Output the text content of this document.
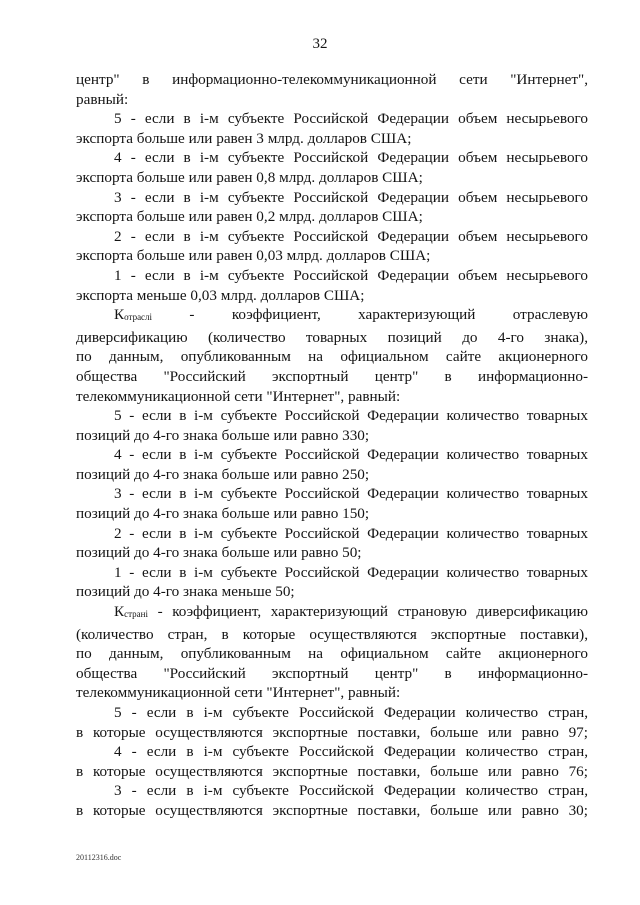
32

центр" в информационно-телекоммуникационной сети "Интернет",
равный:

5 - если в i-м субъекте Российской Федерации объем несырьевого
экспорта больше или равен 3 млрд. долларов США;

4 - если в i-м субъекте Российской Федерации объем несырьевого
экспорта больше или равен 0,8 млрд. долларов США;

3 - если в i-м субъекте Российской Федерации объем несырьевого
экспорта больше или равен 0,2 млрд. долларов США;

2 - если в i-м субъекте Российской Федерации объем несырьевого
экспорта больше или равен 0,03 млрд. долларов США;

1 - если в i-м субъекте Российской Федерации объем несырьевого
экспорта меньше 0,03 млрд. долларов США;

Котраслi - коэффициент, характеризующий отраслевую
диверсификацию (количество товарных позиций до 4-го знака),
по данным, опубликованным на официальном сайте акционерного
общества "Российский экспортный центр" в информационно-
телекоммуникационной сети "Интернет", равный:

5 - если в i-м субъекте Российской Федерации количество товарных
позиций до 4-го знака больше или равно 330;

4 - если в i-м субъекте Российской Федерации количество товарных
позиций до 4-го знака больше или равно 250;

3 - если в i-м субъекте Российской Федерации количество товарных
позиций до 4-го знака больше или равно 150;

2 - если в i-м субъекте Российской Федерации количество товарных
позиций до 4-го знака больше или равно 50;

1 - если в i-м субъекте Российской Федерации количество товарных
позиций до 4-го знака меньше 50;

Кстранi - коэффициент, характеризующий страновую диверсификацию
(количество стран, в которые осуществляются экспортные поставки),
по данным, опубликованным на официальном сайте акционерного
общества "Российский экспортный центр" в информационно-
телекоммуникационной сети "Интернет", равный:

5 - если в i-м субъекте Российской Федерации количество стран,
в которые осуществляются экспортные поставки, больше или равно 97;

4 - если в i-м субъекте Российской Федерации количество стран,
в которые осуществляются экспортные поставки, больше или равно 76;

3 - если в i-м субъекте Российской Федерации количество стран,
в которые осуществляются экспортные поставки, больше или равно 30;

20112316.doc
